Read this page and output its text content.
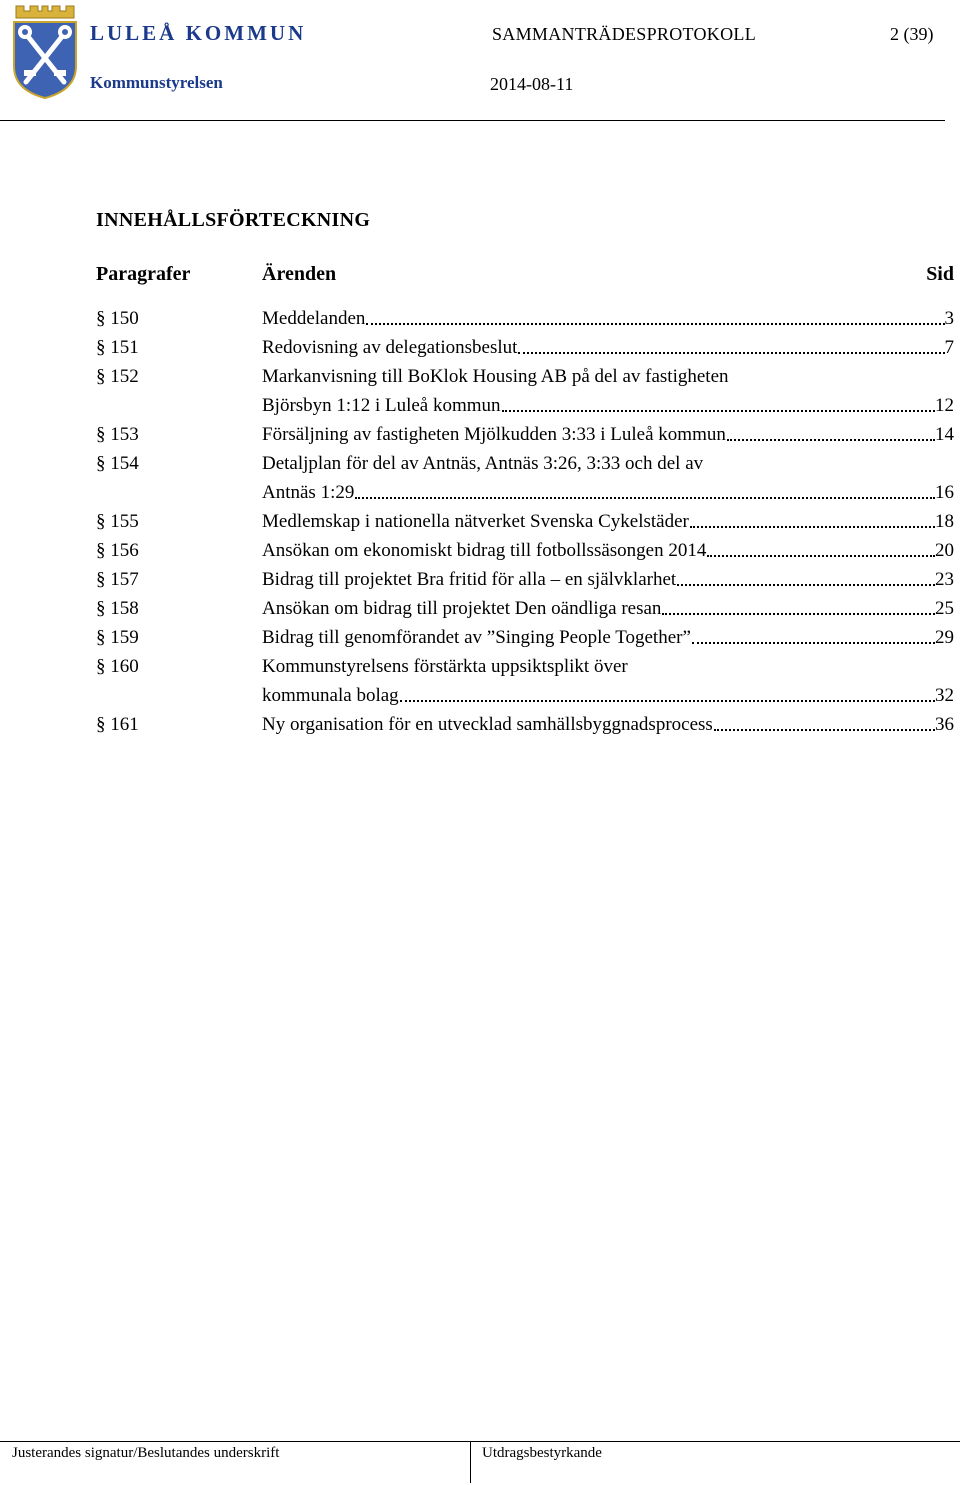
LULEÅ KOMMUN
Kommunstyrelsen
SAMMANTRÄDESPROTOKOLL	2 (39)
2014-08-11
INNEHÅLLSFÖRTECKNING
Paragrafer	Ärenden	Sid
§ 150	Meddelanden	3
§ 151	Redovisning av delegationsbeslut	7
§ 152	Markanvisning till BoKlok Housing AB på del av fastigheten
Björsbyn 1:12 i Luleå kommun	12
§ 153	Försäljning av fastigheten Mjölkudden 3:33 i Luleå kommun	14
§ 154	Detaljplan för del av Antnäs, Antnäs 3:26, 3:33 och del av
Antnäs 1:29	16
§ 155	Medlemskap i nationella nätverket Svenska Cykelstäder	18
§ 156	Ansökan om ekonomiskt bidrag till fotbollssäsongen 2014	20
§ 157	Bidrag till projektet Bra fritid för alla – en självklarhet	23
§ 158	Ansökan om bidrag till projektet Den oändliga resan	25
§ 159	Bidrag till genomförandet av ”Singing People Together”	29
§ 160	Kommunstyrelsens förstärkta uppsiktsplikt över
kommunala bolag	32
§ 161	Ny organisation för en utvecklad samhällsbyggnadsprocess	36
Justerandes signatur/Beslutandes underskrift	Utdragsbestyrkande
